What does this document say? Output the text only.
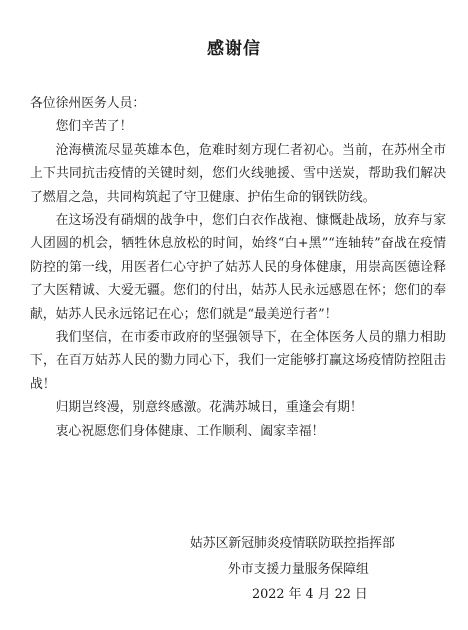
感谢信

各位徐州医务人员：

您们辛苦了！

沧海横流尽显英雄本色，危难时刻方现仁者初心。当前，在苏州全市上下共同抗击疫情的关键时刻，您们火线驰援、雪中送炭，帮助我们解决了燃眉之急，共同构筑起了守卫健康、护佑生命的钢铁防线。

在这场没有硝烟的战争中，您们白衣作战袍、慷慨赴战场，放弃与家人团圆的机会，牺牲休息放松的时间，始终“白+黑”“连轴转”奋战在疫情防控的第一线，用医者仁心守护了姑苏人民的身体健康，用崇高医德诠释了大医精诚、大爱无疆。您们的付出，姑苏人民永远感恩在怀；您们的奉献，姑苏人民永远铭记在心；您们就是“最美逆行者”！

我们坚信，在市委市政府的坚强领导下，在全体医务人员的鼎力相助下，在百万姑苏人民的勠力同心下，我们一定能够打赢这场疫情防控阻击战！

归期岂终漫，别意终感激。花满苏城日，重逢会有期！

衷心祝愿您们身体健康、工作顺利、阖家幸福！

姑苏区新冠肺炎疫情联防联控指挥部
外市支援力量服务保障组
2022 年 4 月 22 日
